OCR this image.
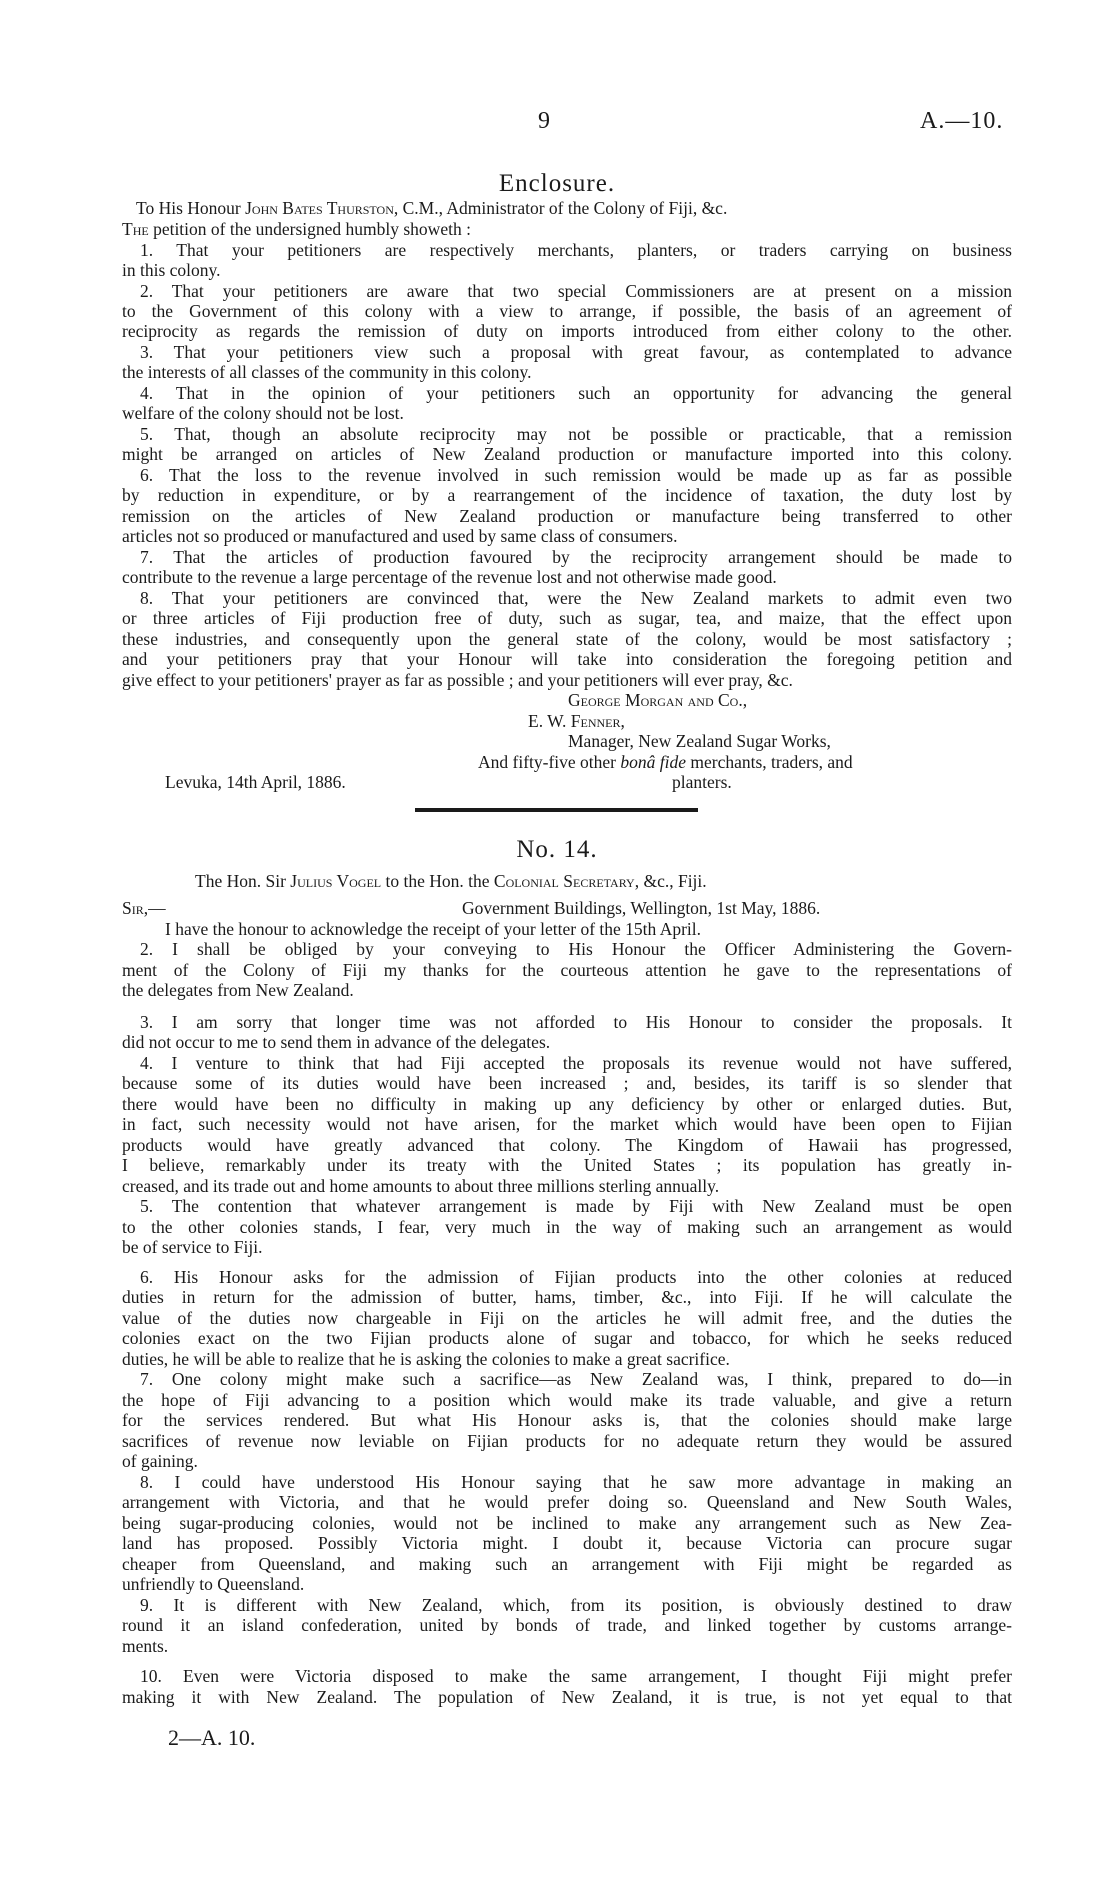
9	A.—10.
Enclosure.
To His Honour John Bates Thurston, C.M., Administrator of the Colony of Fiji, &c.
The petition of the undersigned humbly showeth :
1. That your petitioners are respectively merchants, planters, or traders carrying on business
in this colony.
2. That your petitioners are aware that two special Commissioners are at present on a mission
to the Government of this colony with a view to arrange, if possible, the basis of an agreement of
reciprocity as regards the remission of duty on imports introduced from either colony to the other.
3. That your petitioners view such a proposal with great favour, as contemplated to advance
the interests of all classes of the community in this colony.
4. That in the opinion of your petitioners such an opportunity for advancing the general
welfare of the colony should not be lost.
5. That, though an absolute reciprocity may not be possible or practicable, that a remission
might be arranged on articles of New Zealand production or manufacture imported into this colony.
6. That the loss to the revenue involved in such remission would be made up as far as possible
by reduction in expenditure, or by a rearrangement of the incidence of taxation, the duty lost by
remission on the articles of New Zealand production or manufacture being transferred to other
articles not so produced or manufactured and used by same class of consumers.
7. That the articles of production favoured by the reciprocity arrangement should be made to
contribute to the revenue a large percentage of the revenue lost and not otherwise made good.
8. That your petitioners are convinced that, were the New Zealand markets to admit even two
or three articles of Fiji production free of duty, such as sugar, tea, and maize, that the effect upon
these industries, and consequently upon the general state of the colony, would be most satisfactory ;
and your petitioners pray that your Honour will take into consideration the foregoing petition and
give effect to your petitioners' prayer as far as possible ; and your petitioners will ever pray, &c.
George Morgan and Co.,
E. W. Fenner,
Manager, New Zealand Sugar Works,
And fifty-five other bonâ fide merchants, traders, and
Levuka, 14th April, 1886.	planters.
No. 14.
The Hon. Sir Julius Vogel to the Hon. the Colonial Secretary, &c., Fiji.
Sir,—	Government Buildings, Wellington, 1st May, 1886.
I have the honour to acknowledge the receipt of your letter of the 15th April.
2. I shall be obliged by your conveying to His Honour the Officer Administering the Govern-
ment of the Colony of Fiji my thanks for the courteous attention he gave to the representations of
the delegates from New Zealand.
3. I am sorry that longer time was not afforded to His Honour to consider the proposals. It
did not occur to me to send them in advance of the delegates.
4. I venture to think that had Fiji accepted the proposals its revenue would not have suffered,
because some of its duties would have been increased ; and, besides, its tariff is so slender that
there would have been no difficulty in making up any deficiency by other or enlarged duties. But,
in fact, such necessity would not have arisen, for the market which would have been open to Fijian
products would have greatly advanced that colony. The Kingdom of Hawaii has progressed,
I believe, remarkably under its treaty with the United States ; its population has greatly in-
creased, and its trade out and home amounts to about three millions sterling annually.
5. The contention that whatever arrangement is made by Fiji with New Zealand must be open
to the other colonies stands, I fear, very much in the way of making such an arrangement as would
be of service to Fiji.
6. His Honour asks for the admission of Fijian products into the other colonies at reduced
duties in return for the admission of butter, hams, timber, &c., into Fiji. If he will calculate the
value of the duties now chargeable in Fiji on the articles he will admit free, and the duties the
colonies exact on the two Fijian products alone of sugar and tobacco, for which he seeks reduced
duties, he will be able to realize that he is asking the colonies to make a great sacrifice.
7. One colony might make such a sacrifice—as New Zealand was, I think, prepared to do—in
the hope of Fiji advancing to a position which would make its trade valuable, and give a return
for the services rendered. But what His Honour asks is, that the colonies should make large
sacrifices of revenue now leviable on Fijian products for no adequate return they would be assured
of gaining.
8. I could have understood His Honour saying that he saw more advantage in making an
arrangement with Victoria, and that he would prefer doing so. Queensland and New South Wales,
being sugar-producing colonies, would not be inclined to make any arrangement such as New Zea-
land has proposed. Possibly Victoria might. I doubt it, because Victoria can procure sugar
cheaper from Queensland, and making such an arrangement with Fiji might be regarded as
unfriendly to Queensland.
9. It is different with New Zealand, which, from its position, is obviously destined to draw
round it an island confederation, united by bonds of trade, and linked together by customs arrange-
ments.
10. Even were Victoria disposed to make the same arrangement, I thought Fiji might prefer
making it with New Zealand. The population of New Zealand, it is true, is not yet equal to that
2—A. 10.
